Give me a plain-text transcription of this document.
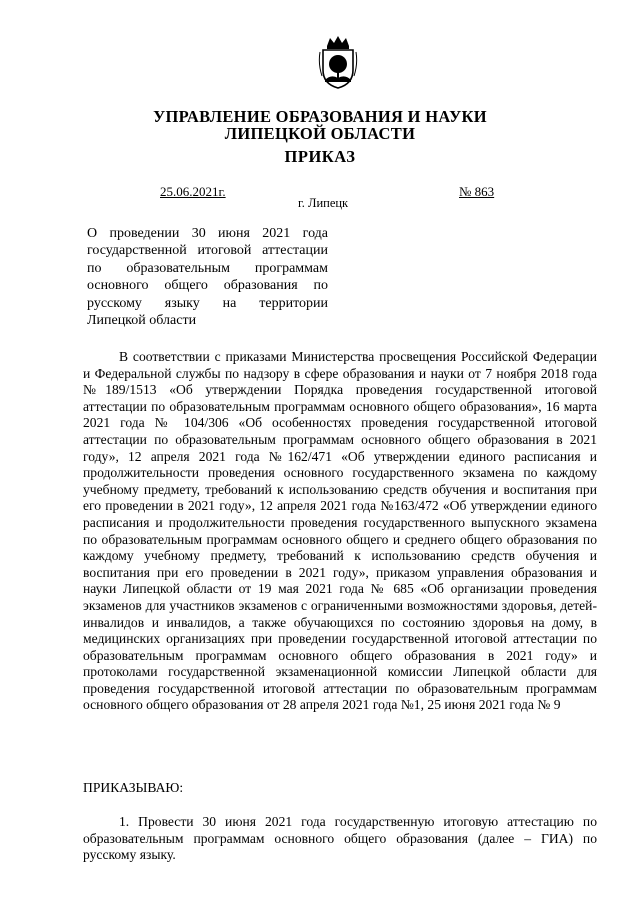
УПРАВЛЕНИЕ ОБРАЗОВАНИЯ И НАУКИ
ЛИПЕЦКОЙ ОБЛАСТИ
ПРИКАЗ
25.06.2021г.	№ 863
г. Липецк
О проведении 30 июня 2021 года государственной итоговой аттестации по образовательным программам основного общего образования по русскому языку на территории Липецкой области

В соответствии с приказами Министерства просвещения Российской Федерации и Федеральной службы по надзору в сфере образования и науки от 7 ноября 2018 года №189/1513 «Об утверждении Порядка проведения государственной итоговой аттестации по образовательным программам основного общего образования», 16 марта 2021 года № 104/306 «Об особенностях проведения государственной итоговой аттестации по образовательным программам основного общего образования в 2021 году», 12 апреля 2021 года №162/471 «Об утверждении единого расписания и продолжительности проведения основного государственного экзамена по каждому учебному предмету, требований к использованию средств обучения и воспитания при его проведении в 2021 году», 12 апреля 2021 года №163/472 «Об утверждении единого расписания и продолжительности проведения государственного выпускного экзамена по образовательным программам основного общего и среднего общего образования по каждому учебному предмету, требований к использованию средств обучения и воспитания при его проведении в 2021 году», приказом управления образования и науки Липецкой области от 19 мая 2021 года № 685 «Об организации проведения экзаменов для участников экзаменов с ограниченными возможностями здоровья, детей-инвалидов и инвалидов, а также обучающихся по состоянию здоровья на дому, в медицинских организациях при проведении государственной итоговой аттестации по образовательным программам основного общего образования в 2021 году» и протоколами государственной экзаменационной комиссии Липецкой области для проведения государственной итоговой аттестации по образовательным программам основного общего образования от 28 апреля 2021 года №1, 25 июня 2021 года № 9

ПРИКАЗЫВАЮ:

1. Провести 30 июня 2021 года государственную итоговую аттестацию по образовательным программам основного общего образования (далее – ГИА) по русскому языку.
